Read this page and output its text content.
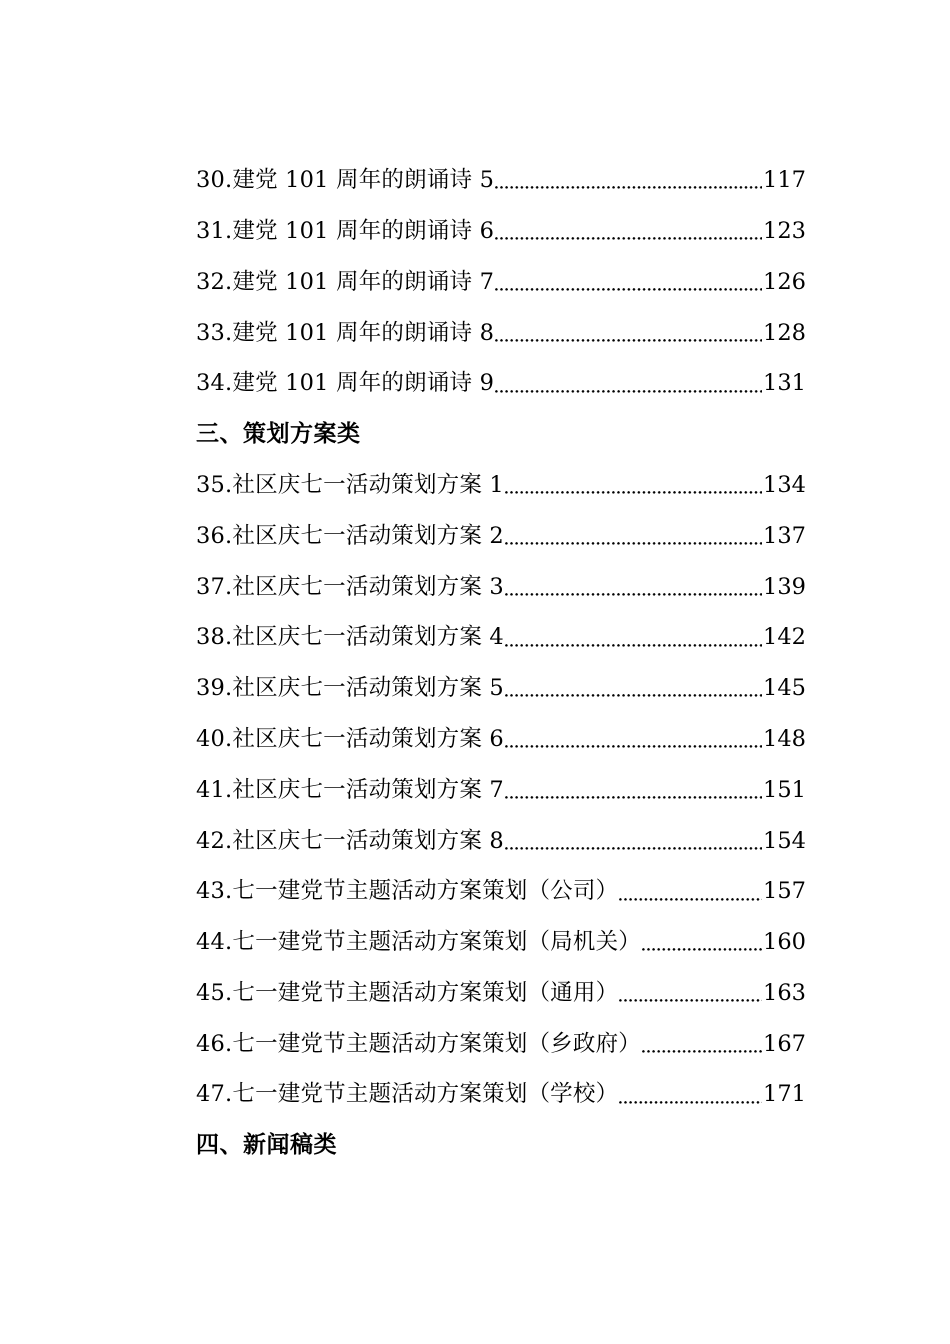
30.建党 101 周年的朗诵诗 5	117
31.建党 101 周年的朗诵诗 6	123
32.建党 101 周年的朗诵诗 7	126
33.建党 101 周年的朗诵诗 8	128
34.建党 101 周年的朗诵诗 9	131
三、策划方案类
35.社区庆七一活动策划方案 1	134
36.社区庆七一活动策划方案 2	137
37.社区庆七一活动策划方案 3	139
38.社区庆七一活动策划方案 4	142
39.社区庆七一活动策划方案 5	145
40.社区庆七一活动策划方案 6	148
41.社区庆七一活动策划方案 7	151
42.社区庆七一活动策划方案 8	154
43.七一建党节主题活动方案策划（公司）	157
44.七一建党节主题活动方案策划（局机关）	160
45.七一建党节主题活动方案策划（通用）	163
46.七一建党节主题活动方案策划（乡政府）	167
47.七一建党节主题活动方案策划（学校）	171
四、新闻稿类
